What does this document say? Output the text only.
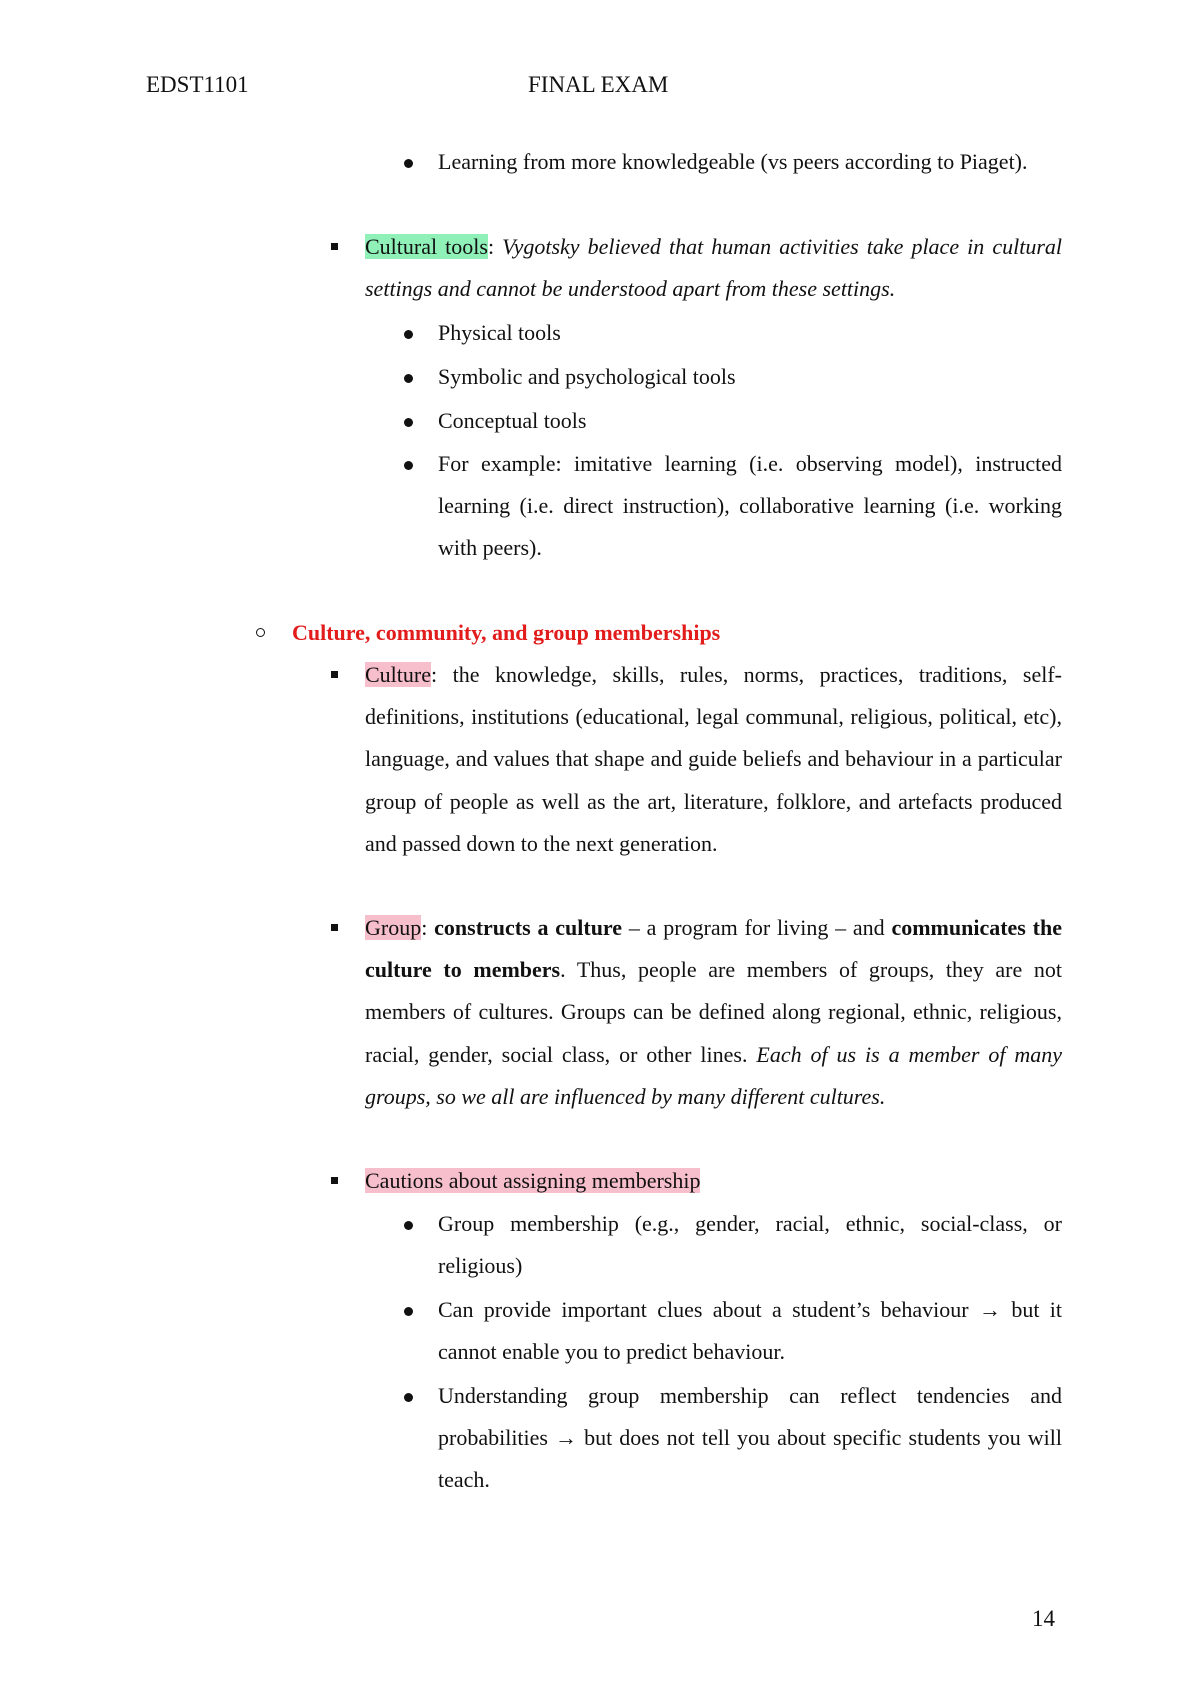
EDST1101	FINAL EXAM
Learning from more knowledgeable (vs peers according to Piaget).
Cultural tools: Vygotsky believed that human activities take place in cultural settings and cannot be understood apart from these settings.
Physical tools
Symbolic and psychological tools
Conceptual tools
For example: imitative learning (i.e. observing model), instructed learning (i.e. direct instruction), collaborative learning (i.e. working with peers).
Culture, community, and group memberships
Culture: the knowledge, skills, rules, norms, practices, traditions, self-definitions, institutions (educational, legal communal, religious, political, etc), language, and values that shape and guide beliefs and behaviour in a particular group of people as well as the art, literature, folklore, and artefacts produced and passed down to the next generation.
Group: constructs a culture – a program for living – and communicates the culture to members. Thus, people are members of groups, they are not members of cultures. Groups can be defined along regional, ethnic, religious, racial, gender, social class, or other lines. Each of us is a member of many groups, so we all are influenced by many different cultures.
Cautions about assigning membership
Group membership (e.g., gender, racial, ethnic, social-class, or religious)
Can provide important clues about a student’s behaviour → but it cannot enable you to predict behaviour.
Understanding group membership can reflect tendencies and probabilities → but does not tell you about specific students you will teach.
14
